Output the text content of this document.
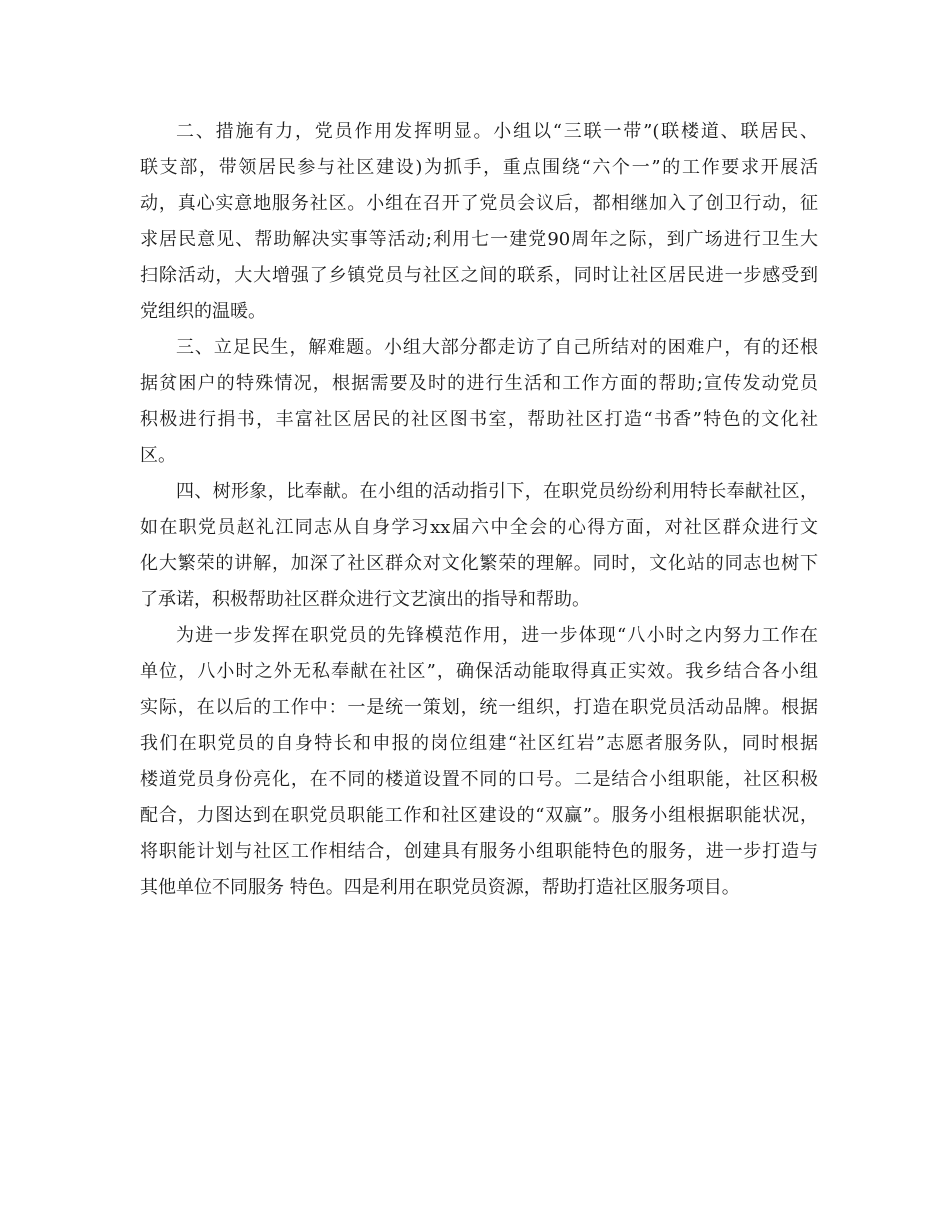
二、措施有力，党员作用发挥明显。小组以“三联一带”(联楼道、联居民、
联支部，带领居民参与社区建设)为抓手，重点围绕“六个一”的工作要求开展活
动，真心实意地服务社区。小组在召开了党员会议后，都相继加入了创卫行动，征
求居民意见、帮助解决实事等活动;利用七一建党90周年之际，到广场进行卫生大
扫除活动，大大增强了乡镇党员与社区之间的联系，同时让社区居民进一步感受到
党组织的温暖。
三、立足民生，解难题。小组大部分都走访了自己所结对的困难户，有的还根
据贫困户的特殊情况，根据需要及时的进行生活和工作方面的帮助;宣传发动党员
积极进行捐书，丰富社区居民的社区图书室，帮助社区打造“书香”特色的文化社
区。
四、树形象，比奉献。在小组的活动指引下，在职党员纷纷利用特长奉献社区，
如在职党员赵礼江同志从自身学习xx届六中全会的心得方面，对社区群众进行文
化大繁荣的讲解，加深了社区群众对文化繁荣的理解。同时，文化站的同志也树下
了承诺，积极帮助社区群众进行文艺演出的指导和帮助。
为进一步发挥在职党员的先锋模范作用，进一步体现“八小时之内努力工作在
单位，八小时之外无私奉献在社区”，确保活动能取得真正实效。我乡结合各小组
实际，在以后的工作中：一是统一策划，统一组织，打造在职党员活动品牌。根据
我们在职党员的自身特长和申报的岗位组建“社区红岩”志愿者服务队，同时根据
楼道党员身份亮化，在不同的楼道设置不同的口号。二是结合小组职能，社区积极
配合，力图达到在职党员职能工作和社区建设的“双赢”。服务小组根据职能状况，
将职能计划与社区工作相结合，创建具有服务小组职能特色的服务，进一步打造与
其他单位不同服务 特色。四是利用在职党员资源，帮助打造社区服务项目。
